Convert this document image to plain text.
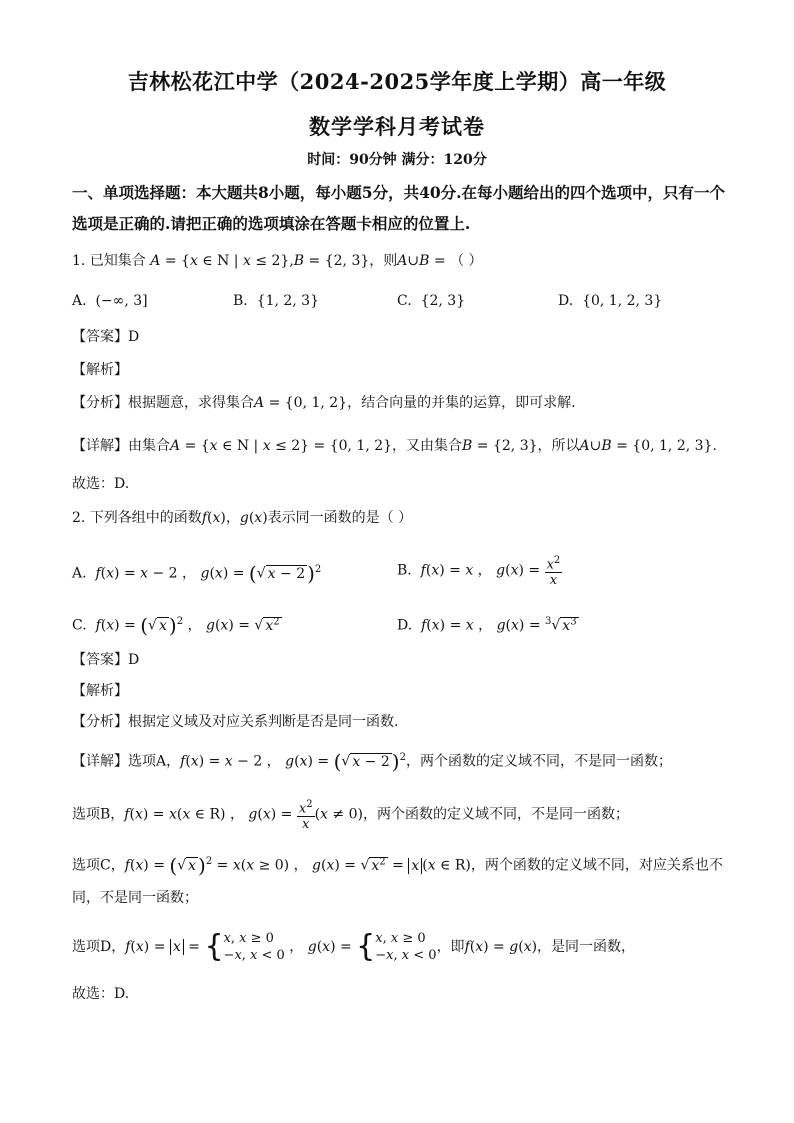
吉林松花江中学（2024-2025学年度上学期）高一年级
数学学科月考试卷
时间：90分钟 满分：120分
一、单项选择题：本大题共8小题，每小题5分，共40分.在每小题给出的四个选项中，只有一个选项是正确的.请把正确的选项填涂在答题卡相应的位置上.
1. 已知集合 A = {x ∈ N | x ≤ 2},B = {2, 3}，则A∪B = （ ）
A. (−∞, 3]	B. {1, 2, 3}	C. {2, 3}	D. {0, 1, 2, 3}
【答案】D
【解析】
【分析】根据题意，求得集合A = {0, 1, 2}，结合向量的并集的运算，即可求解.
【详解】由集合A = {x ∈ N | x ≤ 2} = {0, 1, 2}，又由集合B = {2, 3}，所以A∪B = {0, 1, 2, 3}.
故选：D.
2. 下列各组中的函数f(x)，g(x)表示同一函数的是（ ）
A. f(x) = x − 2 ， g(x) = (√ x − 2 )$^2$	B. f(x) = x ， $g(x) = \frac{x^2}{x}$
C. f(x) = (√ x )$^2$ ， g(x) = √ $x^2$	D. f(x) = x ， g(x) = $^3$√ $x^3$
【答案】D
【解析】
【分析】根据定义域及对应关系判断是否是同一函数.
【详解】选项A，f(x) = x − 2 ， g(x) = (√ x − 2 )$^2$，两个函数的定义域不同，不是同一函数；
选项B，f(x) = x(x ∈ R) ， $g(x) = \frac{x^2}{x} (x \ne 0)$，两个函数的定义域不同，不是同一函数；
选项C，f(x) = (√ x )$^2$ = x(x ≥ 0) ， g(x) = √ $x^2 = x$ (x ∈ R)，两个函数的定义域不同，对应关系也不
同，不是同一函数；
选项D，f(x) = x = {x, x ≥ 0
−x, x < 0 ， g(x) = {x, x ≥ 0
−x, x < 0，即f(x) = g(x)，是同一函数，
故选：D.
